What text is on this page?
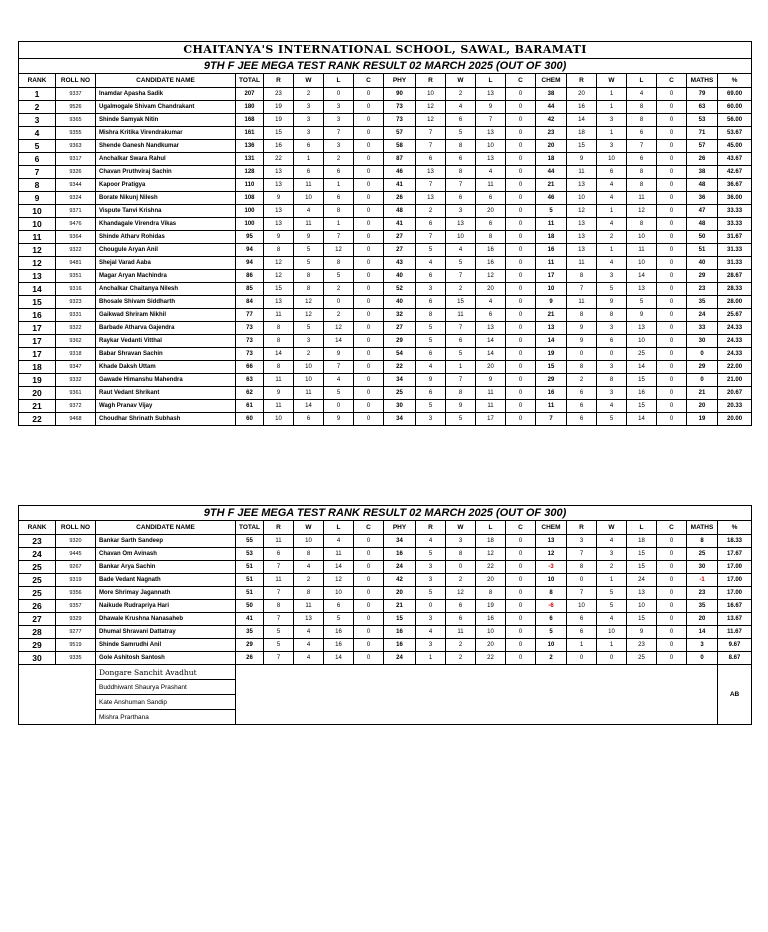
CHAITANYA'S INTERNATIONAL SCHOOL, SAWAL, BARAMATI																			
9TH F JEE MEGA TEST RANK RESULT 02 MARCH 2025 (OUT OF 300)																			
RANK	ROLL NO	CANDIDATE NAME	TOTAL	R	W	L	C	PHY	R	W	L	C	CHEM	R	W	L	C	MATHS	%
1	9337	Inamdar Apasha Sadik	207	23	2	0	0	90	10	2	13	0	38	20	1	4	0	79	69.00
2	9526	Ugalmogale Shivam Chandrakant	180	19	3	3	0	73	12	4	9	0	44	16	1	8	0	63	60.00
3	9365	Shinde Samyak Nitin	168	19	3	3	0	73	12	6	7	0	42	14	3	8	0	53	56.00
4	9355	Mishra Kritika Virendrakumar	161	15	3	7	0	57	7	5	13	0	23	18	1	6	0	71	53.67
5	9363	Shende Ganesh Nandkumar	136	16	6	3	0	58	7	8	10	0	20	15	3	7	0	57	45.00
6	9317	Anchalkar Swara Rahul	131	22	1	2	0	87	6	6	13	0	18	9	10	6	0	26	43.67
7	9326	Chavan Pruthviraj Sachin	128	13	6	6	0	46	13	8	4	0	44	11	6	8	0	38	42.67
8	9344	Kapoor Pratigya	110	13	11	1	0	41	7	7	11	0	21	13	4	8	0	48	36.67
9	9324	Borate Nikunj Nilesh	108	9	10	6	0	26	13	6	6	0	46	10	4	11	0	36	36.00
10	9371	Vispute Tanvi Krishna	100	13	4	8	0	48	2	3	20	0	5	12	1	12	0	47	33.33
10	9476	Khandagale Virendra Vikas	100	13	11	1	0	41	6	13	6	0	11	13	4	8	0	48	33.33
11	9364	Shinde Atharv Rohidas	95	9	9	7	0	27	7	10	8	0	18	13	2	10	0	50	31.67
12	9322	Chougule Aryan Anil	94	8	5	12	0	27	5	4	16	0	16	13	1	11	0	51	31.33
12	9481	Shejal Varad Aaba	94	12	5	8	0	43	4	5	16	0	11	11	4	10	0	40	31.33
13	9351	Magar Aryan Machindra	86	12	8	5	0	40	6	7	12	0	17	8	3	14	0	29	28.67
14	9316	Anchalkar Chaitanya Nilesh	85	15	8	2	0	52	3	2	20	0	10	7	5	13	0	23	28.33
15	9323	Bhosale Shivam Siddharth	84	13	12	0	0	40	6	15	4	0	9	11	9	5	0	35	28.00
16	9331	Gaikwad Shriram Nikhil	77	11	12	2	0	32	8	11	6	0	21	8	8	9	0	24	25.67
17	9322	Barbade Atharva Gajendra	73	8	5	12	0	27	5	7	13	0	13	9	3	13	0	33	24.33
17	9362	Raykar Vedanti Vitthal	73	8	3	14	0	29	5	6	14	0	14	9	6	10	0	30	24.33
17	9318	Babar Shravan Sachin	73	14	2	9	0	54	6	5	14	0	19	0	0	25	0	0	24.33
18	9347	Khade Daksh Uttam	66	8	10	7	0	22	4	1	20	0	15	8	3	14	0	29	22.00
19	9332	Gawade Himanshu Mahendra	63	11	10	4	0	34	9	7	9	0	29	2	8	15	0	0	21.00
20	9361	Raut Vedant Shrikant	62	9	11	5	0	25	6	8	11	0	16	6	3	16	0	21	20.67
21	9372	Wagh Pranav Vijay	61	11	14	0	0	30	5	9	11	0	11	6	4	15	0	20	20.33
22	9468	Choudhar Shrinath Subhash	60	10	6	9	0	34	3	5	17	0	7	6	5	14	0	19	20.00
9TH F JEE MEGA TEST RANK RESULT 02 MARCH 2025 (OUT OF 300)																			
RANK	ROLL NO	CANDIDATE NAME	TOTAL	R	W	L	C	PHY	R	W	L	C	CHEM	R	W	L	C	MATHS	%
23	9320	Bankar Sarth Sandeep	55	11	10	4	0	34	4	3	18	0	13	3	4	18	0	8	18.33
24	9445	Chavan Om Avinash	53	6	8	11	0	16	5	8	12	0	12	7	3	15	0	25	17.67
25	9267	Bankar Arya Sachin	51	7	4	14	0	24	3	0	22	0	-3	8	2	15	0	30	17.00
25	9319	Bade Vedant Nagnath	51	11	2	12	0	42	3	2	20	0	10	0	1	24	0	-1	17.00
25	9356	More Shrimay Jagannath	51	7	8	10	0	20	5	12	8	0	8	7	5	13	0	23	17.00
26	9357	Naikude Rudrapriya Hari	50	8	11	6	0	21	0	6	19	0	-6	10	5	10	0	35	16.67
27	9329	Dhawale Krushna Nanasaheb	41	7	13	5	0	15	3	6	16	0	6	6	4	15	0	20	13.67
28	9277	Dhumal Shravani Dattatray	35	5	4	16	0	16	4	11	10	0	5	6	10	9	0	14	11.67
29	9519	Shinde Samrudhi Anil	29	5	4	16	0	16	3	2	20	0	10	1	1	23	0	3	9.67
30	9335	Gole Ashitosh Santosh	26	7	4	14	0	24	1	2	22	0	2	0	0	25	0	0	8.67
		Dongare Sanchit Avadhut																	AB
		Buddhiwant Shaurya Prashant																	
		Kate Anshuman Sandip																	
		Mishra Prarthana																	
